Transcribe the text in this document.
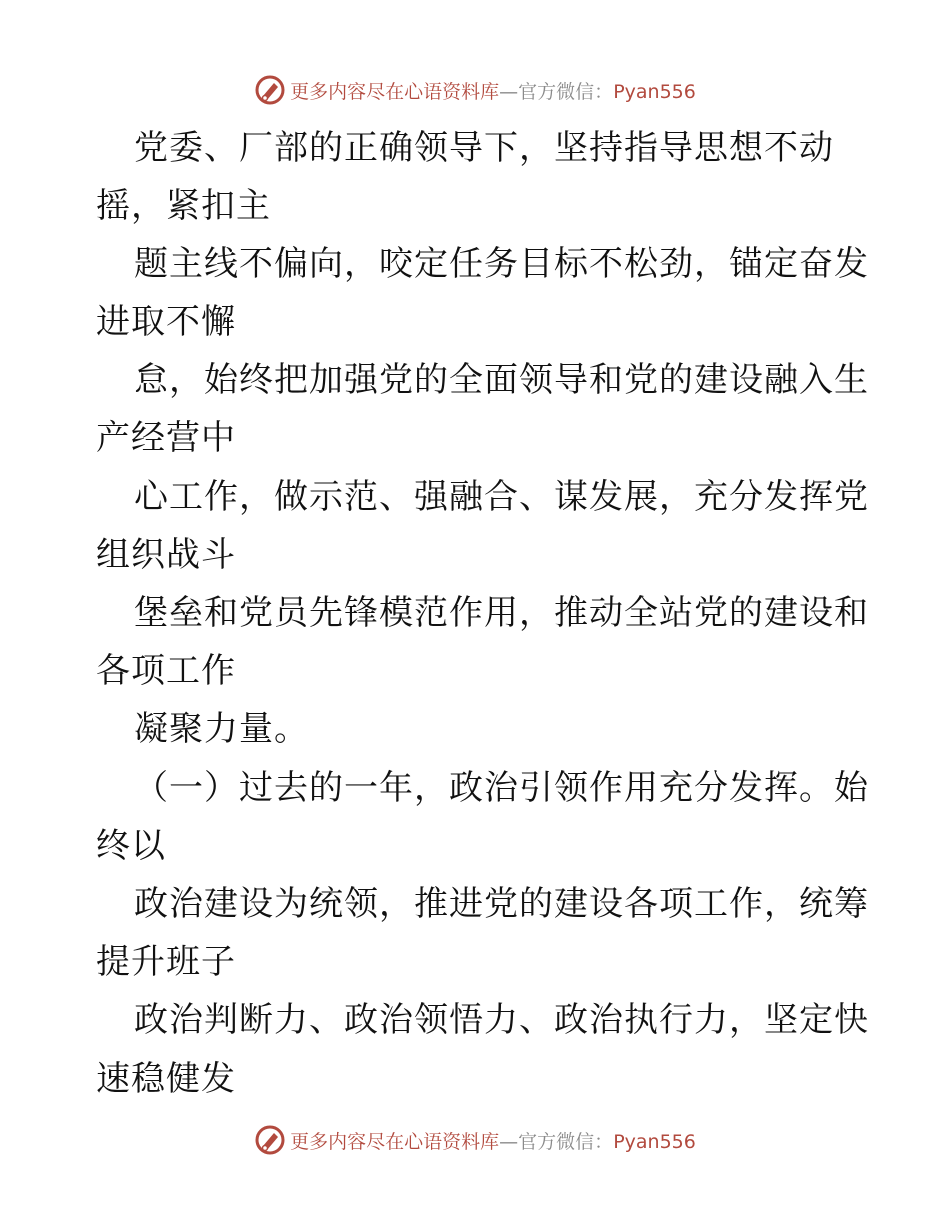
更多内容尽在心语资料库—官方微信：Pyan556
党委、厂部的正确领导下，坚持指导思想不动
摇，紧扣主
题主线不偏向，咬定任务目标不松劲，锚定奋发
进取不懈
怠，始终把加强党的全面领导和党的建设融入生
产经营中
心工作，做示范、强融合、谋发展，充分发挥党
组织战斗
堡垒和党员先锋模范作用，推动全站党的建设和
各项工作
凝聚力量。
（一）过去的一年，政治引领作用充分发挥。始
终以
政治建设为统领，推进党的建设各项工作，统筹
提升班子
政治判断力、政治领悟力、政治执行力，坚定快
速稳健发
更多内容尽在心语资料库—官方微信：Pyan556
